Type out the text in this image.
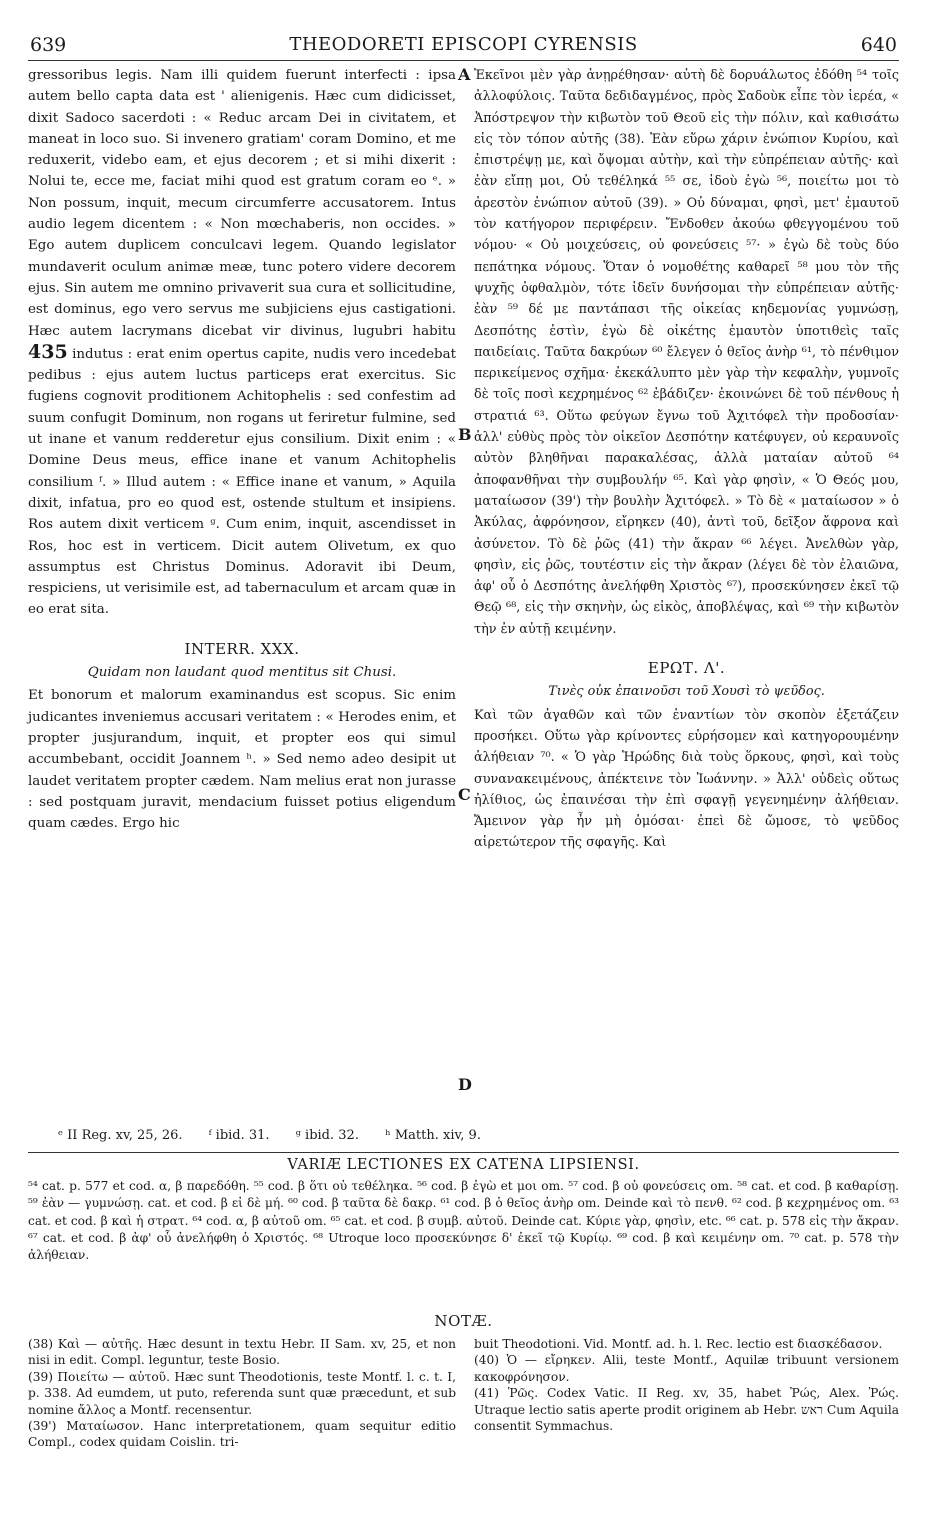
639	THEODORETI EPISCOPI CYRENSIS	640

gressoribus legis. Nam illi quidem fuerunt interfecti : ipsa autem bello capta data est ' alienigenis. Hæc cum didicisset, dixit Sadoco sacerdoti : « Reduc arcam Dei in civitatem, et maneat in loco suo. Si invenero gratiam' coram Domino, et me reduxerit, videbo eam, et ejus decorem ; et si mihi dixerit : Nolui te, ecce me, faciat mihi quod est gratum coram eo ᵉ. » Non possum, inquit, mecum circumferre accusatorem. Intus audio legem dicentem : « Non mœchaberis, non occides. » Ego autem duplicem conculcavi legem. Quando legislator mundaverit oculum animæ meæ, tunc potero videre decorem ejus. Sin autem me omnino privaverit sua cura et sollicitudine, est dominus, ego vero servus me subjiciens ejus castigationi. Hæc autem lacrymans dicebat vir divinus, lugubri habitu 435 indutus : erat enim opertus capite, nudis vero incedebat pedibus : ejus autem luctus particeps erat exercitus. Sic fugiens cognovit proditionem Achitophelis : sed confestim ad suum confugit Dominum, non rogans ut feriretur fulmine, sed ut inane et vanum redderetur ejus consilium. Dixit enim : « Domine Deus meus, effice inane et vanum Achitophelis consilium ᶠ. » Illud autem : « Effice inane et vanum, » Aquila dixit, infatua, pro eo quod est, ostende stultum et insipiens. Ros autem dixit verticem ᵍ. Cum enim, inquit, ascendisset in Ros, hoc est in verticem. Dicit autem Olivetum, ex quo assumptus est Christus Dominus. Adoravit ibi Deum, respiciens, ut verisimile est, ad tabernaculum et arcam quæ in eo erat sita.

INTERR. XXX.
Quidam non laudant quod mentitus sit Chusi.

Et bonorum et malorum examinandus est scopus. Sic enim judicantes inveniemus accusari veritatem : « Herodes enim, et propter jusjurandum, inquit, et propter eos qui simul accumbebant, occidit Joannem ʰ. » Sed nemo adeo desipit ut laudet veritatem propter cædem. Nam melius erat non jurasse : sed postquam juravit, mendacium fuisset potius eligendum quam cædes. Ergo hic

A
B
C
D

Ἐκεῖνοι μὲν γὰρ ἀνῃρέθησαν· αὐτὴ δὲ δορυάλωτος ἐδόθη ⁵⁴ τοῖς ἀλλοφύλοις. Ταῦτα δεδιδαγμένος, πρὸς Σαδοὺκ εἶπε τὸν ἱερέα, « Ἀπόστρεψον τὴν κιβωτὸν τοῦ Θεοῦ εἰς τὴν πόλιν, καὶ καθισάτω εἰς τὸν τόπον αὐτῆς (38). Ἐὰν εὕρω χάριν ἐνώπιον Κυρίου, καὶ ἐπιστρέψῃ με, καὶ ὄψομαι αὐτὴν, καὶ τὴν εὐπρέπειαν αὐτῆς· καὶ ἐὰν εἴπῃ μοι, Οὐ τεθέληκά ⁵⁵ σε, ἰδοὺ ἐγὼ ⁵⁶, ποιείτω μοι τὸ ἀρεστὸν ἐνώπιον αὐτοῦ (39). » Οὐ δύναμαι, φησὶ, μετ' ἐμαυτοῦ τὸν κατήγορον περιφέρειν. Ἔνδοθεν ἀκούω φθεγγομένου τοῦ νόμου· « Οὐ μοιχεύσεις, οὐ φονεύσεις ⁵⁷· » ἐγὼ δὲ τοὺς δύο πεπάτηκα νόμους. Ὅταν ὁ νομοθέτης καθαρεῖ ⁵⁸ μου τὸν τῆς ψυχῆς ὀφθαλμὸν, τότε ἰδεῖν δυνήσομαι τὴν εὐπρέπειαν αὐτῆς· ἐὰν ⁵⁹ δέ με παντάπασι τῆς οἰκείας κηδεμονίας γυμνώσῃ, Δεσπότης ἐστὶν, ἐγὼ δὲ οἰκέτης ἐμαυτὸν ὑποτιθεὶς ταῖς παιδείαις. Ταῦτα δακρύων ⁶⁰ ἔλεγεν ὁ θεῖος ἀνὴρ ⁶¹, τὸ πένθιμον περικείμενος σχῆμα· ἐκεκάλυπτο μὲν γὰρ τὴν κεφαλὴν, γυμνοῖς δὲ τοῖς ποσὶ κεχρημένος ⁶² ἐβάδιζεν· ἐκοινώνει δὲ τοῦ πένθους ἡ στρατιά ⁶³. Οὕτω φεύγων ἔγνω τοῦ Ἀχιτόφελ τὴν προδοσίαν· ἀλλ' εὐθὺς πρὸς τὸν οἰκεῖον Δεσπότην κατέφυγεν, οὐ κεραυνοῖς αὐτὸν βληθῆναι παρακαλέσας, ἀλλὰ ματαίαν αὐτοῦ ⁶⁴ ἀποφανθῆναι τὴν συμβουλήν ⁶⁵. Καὶ γὰρ φησὶν, « Ὁ Θεός μου, ματαίωσον (39') τὴν βουλὴν Ἀχιτόφελ. » Τὸ δὲ « ματαίωσον » ὁ Ἀκύλας, ἀφρόνησον, εἴρηκεν (40), ἀντὶ τοῦ, δεῖξον ἄφρονα καὶ ἀσύνετον. Τὸ δὲ ῥῶς (41) τὴν ἄκραν ⁶⁶ λέγει. Ἀνελθὼν γὰρ, φησὶν, εἰς ῥῶς, τουτέστιν εἰς τὴν ἄκραν (λέγει δὲ τὸν ἐλαιῶνα, ἀφ' οὗ ὁ Δεσπότης ἀνελήφθη Χριστὸς ⁶⁷), προσεκύνησεν ἐκεῖ τῷ Θεῷ ⁶⁸, εἰς τὴν σκηνὴν, ὡς εἰκὸς, ἀποβλέψας, καὶ ⁶⁹ τὴν κιβωτὸν τὴν ἐν αὐτῇ κειμένην.

ΕΡΩΤ. Λ'.
Τινὲς οὐκ ἐπαινοῦσι τοῦ Χουσὶ τὸ ψεῦδος.

Καὶ τῶν ἀγαθῶν καὶ τῶν ἐναντίων τὸν σκοπὸν ἐξετάζειν προσήκει. Οὕτω γὰρ κρίνοντες εὑρήσομεν καὶ κατηγορουμένην ἀλήθειαν ⁷⁰. « Ὁ γὰρ Ἡρώδης διὰ τοὺς ὅρκους, φησὶ, καὶ τοὺς συνανακειμένους, ἀπέκτεινε τὸν Ἰωάννην. » Ἀλλ' οὐδεὶς οὕτως ἠλίθιος, ὡς ἐπαινέσαι τὴν ἐπὶ σφαγῇ γεγενημένην ἀλήθειαν. Ἄμεινον γὰρ ἦν μὴ ὀμόσαι· ἐπεὶ δὲ ὤμοσε, τὸ ψεῦδος αἱρετώτερον τῆς σφαγῆς. Καὶ

ᵉ II Reg. xv, 25, 26. ᶠ ibid. 31. ᵍ ibid. 32. ʰ Matth. xiv, 9.
VARIÆ LECTIONES EX CATENA LIPSIENSI.

⁵⁴ cat. p. 577 et cod. α, β παρεδόθη. ⁵⁵ cod. β ὅτι οὐ τεθέληκα. ⁵⁶ cod. β ἐγὼ et μοι om. ⁵⁷ cod. β οὐ φονεύσεις om. ⁵⁸ cat. et cod. β καθαρίσῃ. ⁵⁹ ἐὰν — γυμνώσῃ. cat. et cod. β εἰ δὲ μή. ⁶⁰ cod. β ταῦτα δὲ δακρ. ⁶¹ cod. β ὁ θεῖος ἀνὴρ om. Deinde καὶ τὸ πενθ. ⁶² cod. β κεχρημένος om. ⁶³ cat. et cod. β καὶ ἡ στρατ. ⁶⁴ cod. α, β αὐτοῦ om. ⁶⁵ cat. et cod. β συμβ. αὐτοῦ. Deinde cat. Κύριε γὰρ, φησὶν, etc. ⁶⁶ cat. p. 578 εἰς τὴν ἄκραν. ⁶⁷ cat. et cod. β ἀφ' οὗ ἀνελήφθη ὁ Χριστός. ⁶⁸ Utroque loco προσεκύνησε δ' ἐκεῖ τῷ Κυρίῳ. ⁶⁹ cod. β καὶ κειμένην om. ⁷⁰ cat. p. 578 τὴν ἀλήθειαν.

NOTÆ.

(38) Καὶ — αὐτῆς. Hæc desunt in textu Hebr. II Sam. xv, 25, et non nisi in edit. Compl. leguntur, teste Bosio.

(39) Ποιείτω — αὐτοῦ. Hæc sunt Theodotionis, teste Montf. l. c. t. I, p. 338. Ad eumdem, ut puto, referenda sunt quæ præcedunt, et sub nomine ἄλλος a Montf. recensentur.

(39') Ματαίωσον. Hanc interpretationem, quam sequitur editio Compl., codex quidam Coislin. tri-

buit Theodotioni. Vid. Montf. ad. h. l. Rec. lectio est διασκέδασον.

(40) Ὁ — εἴρηκεν. Alii, teste Montf., Aquilæ tribuunt versionem κακοφρόνησον.

(41) Ῥῶς. Codex Vatic. II Reg. xv, 35, habet Ῥώς, Alex. Ῥώς. Utraque lectio satis aperte prodit originem ab Hebr. ראש Cum Aquila consentit Symmachus.
